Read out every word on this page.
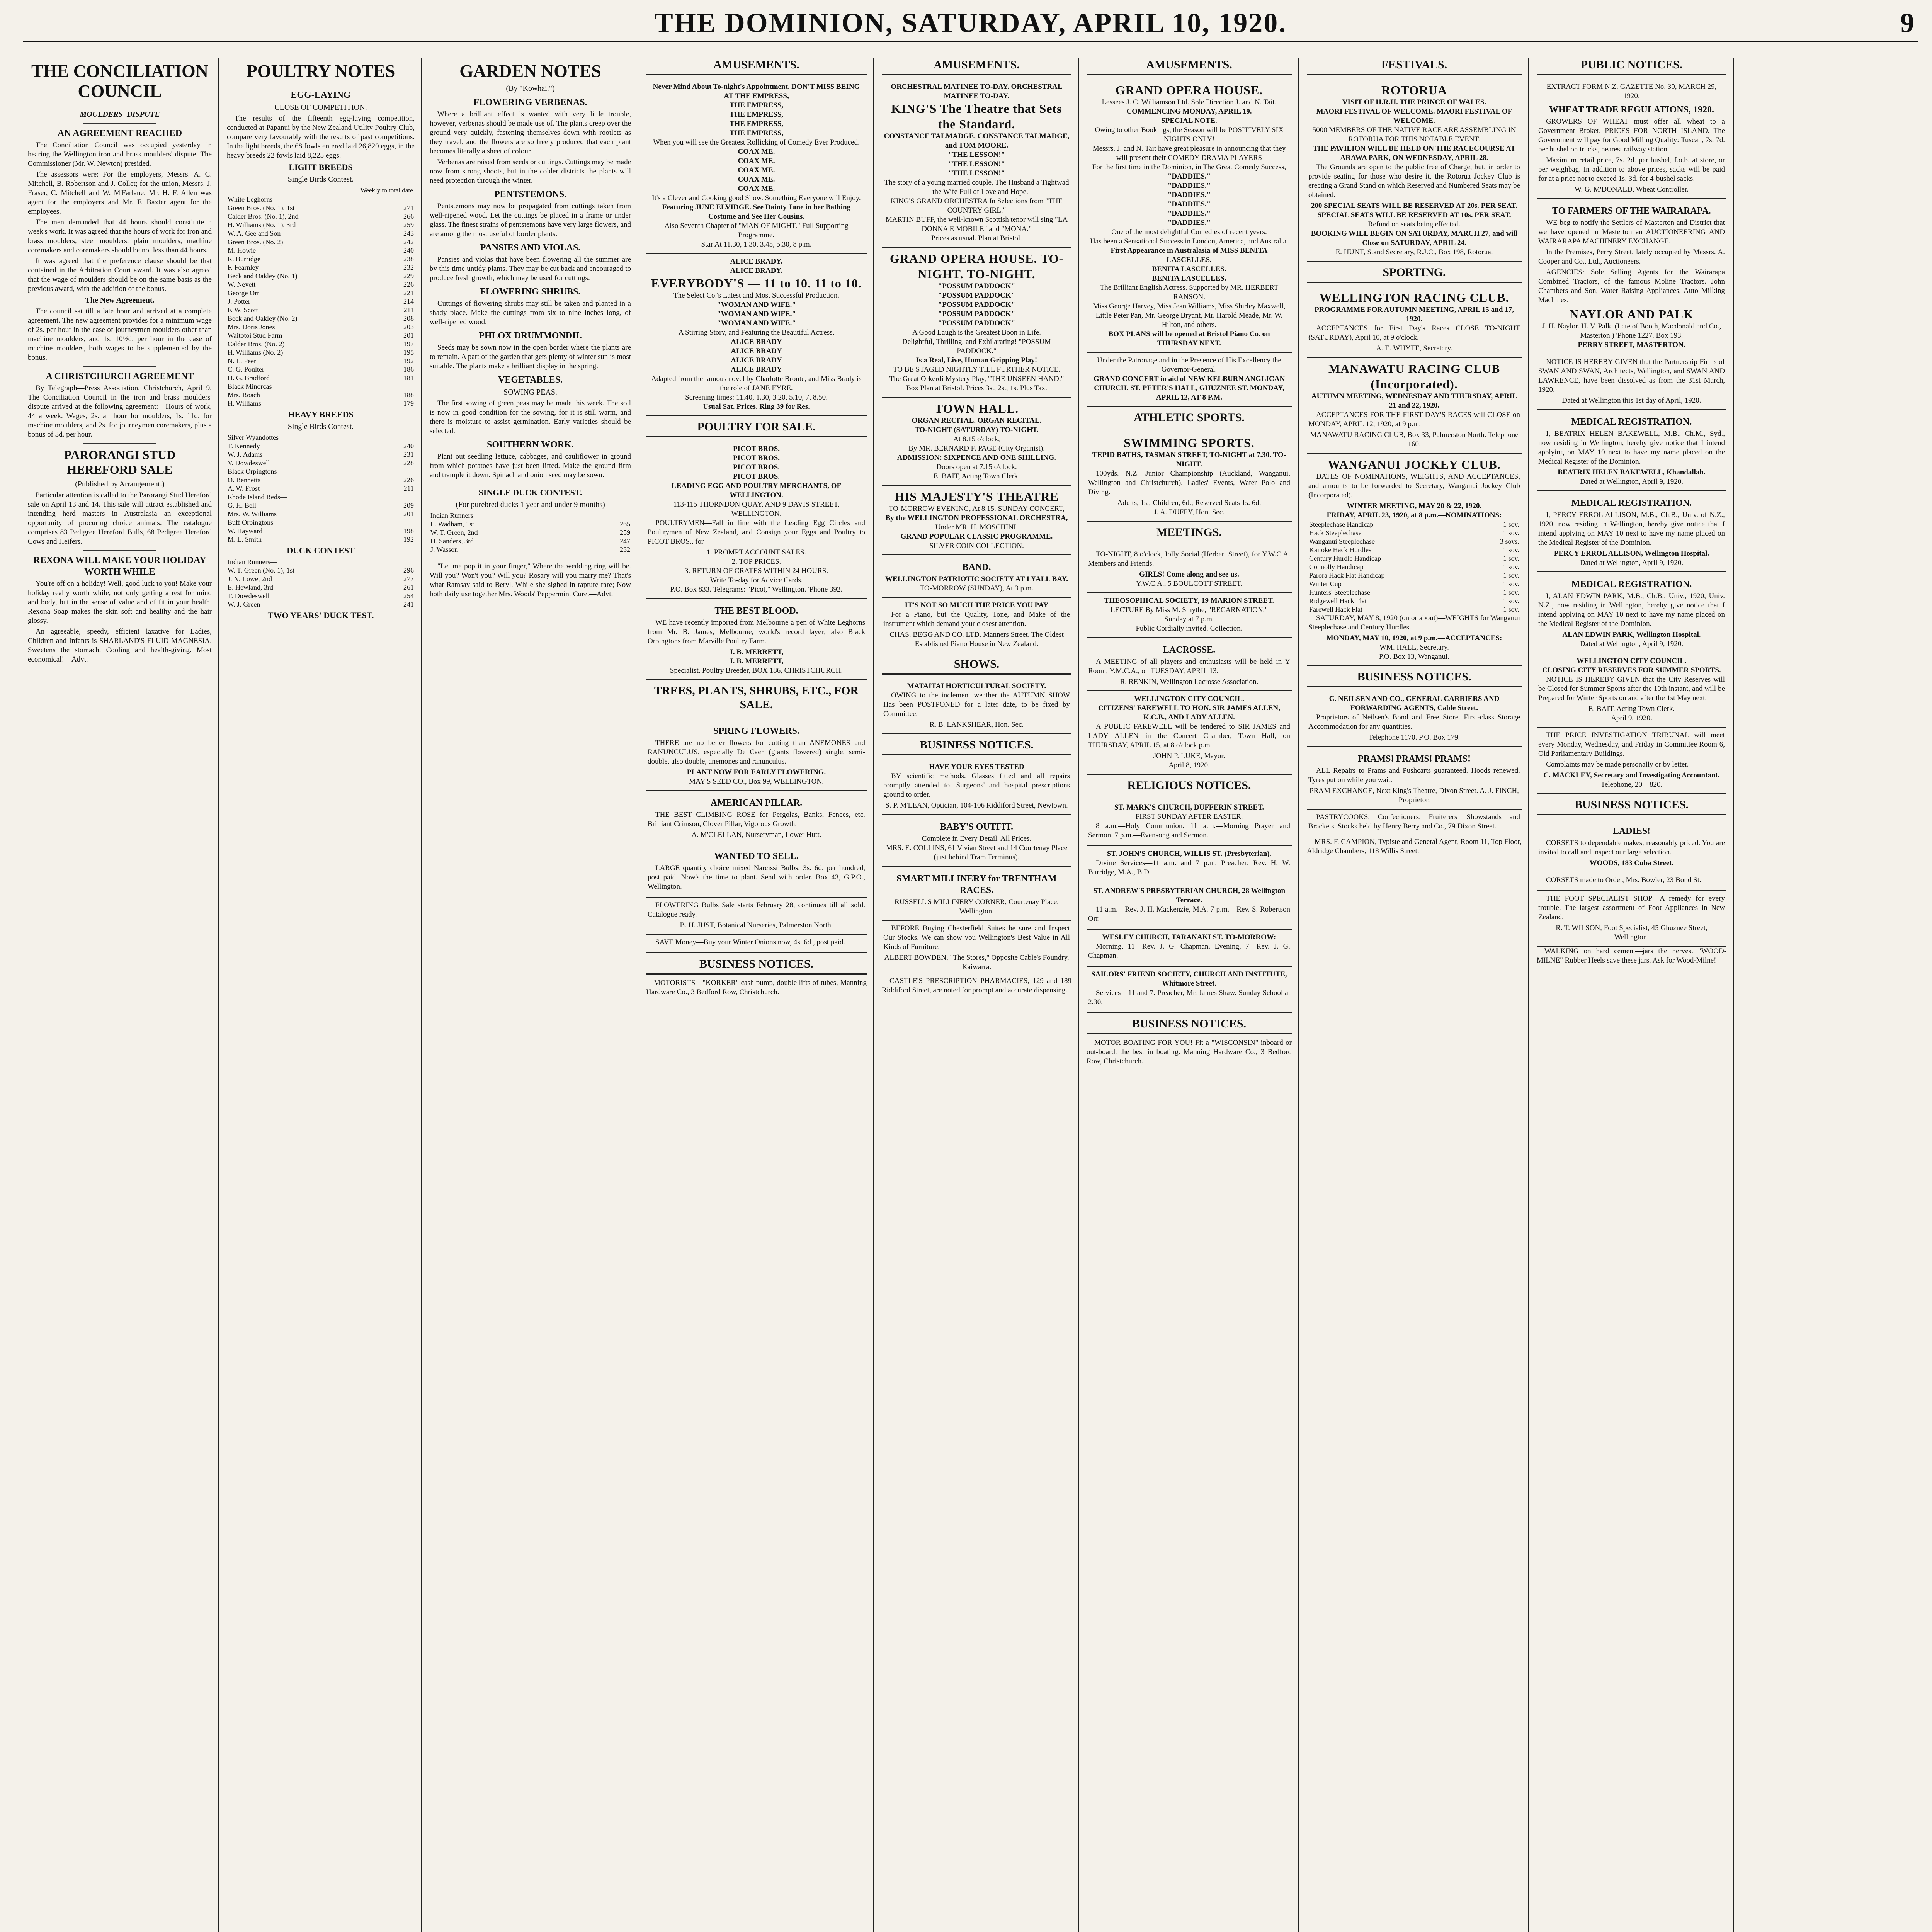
THE DOMINION, SATURDAY, APRIL 10, 1920.	9
THE CONCILIATION COUNCIL
MOULDERS' DISPUTE
AN AGREEMENT REACHED

The Conciliation Council was occupied yesterday in hearing the Wellington iron and brass moulders' dispute. The Commissioner (Mr. W. Newton) presided.

The assessors were: For the employers, Messrs. A. C. Mitchell, B. Robertson and J. Collet; for the union, Messrs. J. Fraser, C. Mitchell and W. M'Farlane. Mr. H. F. Allen was agent for the employers and Mr. F. Baxter agent for the employees.

The men demanded that 44 hours should constitute a week's work. It was agreed that the hours of work for iron and brass moulders, steel moulders, plain moulders, machine coremakers and coremakers should be not less than 44 hours.

It was agreed that the preference clause should be that contained in the Arbitration Court award. It was also agreed that the wage of moulders should be on the same basis as the previous award, with the addition of the bonus.

The New Agreement.

The council sat till a late hour and arrived at a complete agreement. The new agreement provides for a minimum wage of 2s. per hour in the case of journeymen moulders other than machine moulders, and 1s. 10½d. per hour in the case of machine moulders, both wages to be supplemented by the bonus.

A CHRISTCHURCH AGREEMENT

By Telegraph—Press Association. Christchurch, April 9. The Conciliation Council in the iron and brass moulders' dispute arrived at the following agreement:—Hours of work, 44 a week. Wages, 2s. an hour for moulders, 1s. 11d. for machine moulders, and 2s. for journeymen coremakers, plus a bonus of 3d. per hour.

PARORANGI STUD HEREFORD SALE
(Published by Arrangement.)

Particular attention is called to the Parorangi Stud Hereford sale on April 13 and 14. This sale will attract established and intending herd masters in Australasia an exceptional opportunity of procuring choice animals. The catalogue comprises 83 Pedigree Hereford Bulls, 68 Pedigree Hereford Cows and Heifers.

REXONA WILL MAKE YOUR HOLIDAY WORTH WHILE

You're off on a holiday! Well, good luck to you! Make your holiday really worth while, not only getting a rest for mind and body, but in the sense of value and of fit in your health. Rexona Soap makes the skin soft and healthy and the hair glossy.

An agreeable, speedy, efficient laxative for Ladies, Children and Infants is SHARLAND'S FLUID MAGNESIA. Sweetens the stomach. Cooling and health-giving. Most economical!—Advt.

POULTRY NOTES
EGG-LAYING
CLOSE OF COMPETITION.

The results of the fifteenth egg-laying competition, conducted at Papanui by the New Zealand Utility Poultry Club, compare very favourably with the results of past competitions. In the light breeds, the 68 fowls entered laid 26,820 eggs, in the heavy breeds 22 fowls laid 8,225 eggs.

LIGHT BREEDS
Single Birds Contest.
Weekly to total date.
White Leghorns—	
Green Bros. (No. 1), 1st	271
Calder Bros. (No. 1), 2nd	266
H. Williams (No. 1), 3rd	259
W. A. Gee and Son	243
Green Bros. (No. 2)	242
M. Howie	240
R. Burridge	238
F. Fearnley	232
Beck and Oakley (No. 1)	229
W. Nevett	226
George Orr	221
J. Potter	214
F. W. Scott	211
Beck and Oakley (No. 2)	208
Mrs. Doris Jones	203
Waitotoi Stud Farm	201
Calder Bros. (No. 2)	197
H. Williams (No. 2)	195
N. L. Peer	192
C. G. Poulter	186
H. G. Bradford	181
Black Minorcas—	
Mrs. Roach	188
H. Williams	179
HEAVY BREEDS
Single Birds Contest.
Silver Wyandottes—	
T. Kennedy	240
W. J. Adams	231
V. Dowdeswell	228
Black Orpingtons—	
O. Bennetts	226
A. W. Frost	211
Rhode Island Reds—	
G. H. Bell	209
Mrs. W. Williams	201
Buff Orpingtons—	
W. Hayward	198
M. L. Smith	192
DUCK CONTEST
Indian Runners—	
W. T. Green (No. 1), 1st	296
J. N. Lowe, 2nd	277
E. Hewland, 3rd	261
T. Dowdeswell	254
W. J. Green	241
TWO YEARS' DUCK TEST.
GARDEN NOTES
(By "Kowhai.")
FLOWERING VERBENAS.

Where a brilliant effect is wanted with very little trouble, however, verbenas should be made use of. The plants creep over the ground very quickly, fastening themselves down with rootlets as they travel, and the flowers are so freely produced that each plant becomes literally a sheet of colour.

Verbenas are raised from seeds or cuttings. Cuttings may be made now from strong shoots, but in the colder districts the plants will need protection through the winter.

PENTSTEMONS.

Pentstemons may now be propagated from cuttings taken from well-ripened wood. Let the cuttings be placed in a frame or under glass. The finest strains of pentstemons have very large flowers, and are among the most useful of border plants.

PANSIES AND VIOLAS.

Pansies and violas that have been flowering all the summer are by this time untidy plants. They may be cut back and encouraged to produce fresh growth, which may be used for cuttings.

FLOWERING SHRUBS.

Cuttings of flowering shrubs may still be taken and planted in a shady place. Make the cuttings from six to nine inches long, of well-ripened wood.

PHLOX DRUMMONDII.

Seeds may be sown now in the open border where the plants are to remain. A part of the garden that gets plenty of winter sun is most suitable. The plants make a brilliant display in the spring.

VEGETABLES.
SOWING PEAS.

The first sowing of green peas may be made this week. The soil is now in good condition for the sowing, for it is still warm, and there is moisture to assist germination. Early varieties should be selected.

SOUTHERN WORK.

Plant out seedling lettuce, cabbages, and cauliflower in ground from which potatoes have just been lifted. Make the ground firm and trample it down. Spinach and onion seed may be sown.

SINGLE DUCK CONTEST.
(For purebred ducks 1 year and under 9 months)
Indian Runners—	
L. Wadham, 1st	265
W. T. Green, 2nd	259
H. Sanders, 3rd	247
J. Wasson	232

"Let me pop it in your finger," Where the wedding ring will be. Will you? Won't you? Will you? Rosary will you marry me? That's what Ramsay said to Beryl, While she sighed in rapture rare; Now both daily use together Mrs. Woods' Peppermint Cure.—Advt.

AMUSEMENTS.
Never Mind About To-night's Appointment. DON'T MISS BEING AT THE EMPRESS,
THE EMPRESS,
THE EMPRESS,
THE EMPRESS,
THE EMPRESS,
When you will see the Greatest Rollicking of Comedy Ever Produced.
COAX ME.
COAX ME.
COAX ME.
COAX ME.
COAX ME.
It's a Clever and Cooking good Show. Something Everyone will Enjoy.
Featuring JUNE ELVIDGE. See Dainty June in her Bathing Costume and See Her Cousins.
Also Seventh Chapter of "MAN OF MIGHT." Full Supporting Programme.
Star At 11.30, 1.30, 3.45, 5.30, 8 p.m.
ALICE BRADY.
ALICE BRADY.
EVERYBODY'S — 11 to 10. 11 to 10.
The Select Co.'s Latest and Most Successful Production.
"WOMAN AND WIFE."
"WOMAN AND WIFE."
"WOMAN AND WIFE."
A Stirring Story, and Featuring the Beautiful Actress,
ALICE BRADY
ALICE BRADY
ALICE BRADY
ALICE BRADY
Adapted from the famous novel by Charlotte Bronte, and Miss Brady is the role of JANE EYRE.
Screening times: 11.40, 1.30, 3.20, 5.10, 7, 8.50.
Usual Sat. Prices. Ring 39 for Res.
POULTRY FOR SALE.
PICOT BROS.
PICOT BROS.
PICOT BROS.
PICOT BROS.
LEADING EGG AND POULTRY MERCHANTS, OF WELLINGTON.
113-115 THORNDON QUAY, AND 9 DAVIS STREET, WELLINGTON.

POULTRYMEN—Fall in line with the Leading Egg Circles and Poultrymen of New Zealand, and Consign your Eggs and Poultry to PICOT BROS., for

1. PROMPT ACCOUNT SALES.
2. TOP PRICES.
3. RETURN OF CRATES WITHIN 24 HOURS.
Write To-day for Advice Cards.
P.O. Box 833. Telegrams: "Picot," Wellington. 'Phone 392.
THE BEST BLOOD.

WE have recently imported from Melbourne a pen of White Leghorns from Mr. B. James, Melbourne, world's record layer; also Black Orpingtons from Marville Poultry Farm.

J. B. MERRETT,
J. B. MERRETT,
Specialist, Poultry Breeder, BOX 186, CHRISTCHURCH.
TREES, PLANTS, SHRUBS, ETC., FOR SALE.
SPRING FLOWERS.

THERE are no better flowers for cutting than ANEMONES and RANUNCULUS, especially De Caen (giants flowered) single, semi-double, also double, anemones and ranunculus.

PLANT NOW FOR EARLY FLOWERING.
MAY'S SEED CO., Box 99, WELLINGTON.
AMERICAN PILLAR.

THE BEST CLIMBING ROSE for Pergolas, Banks, Fences, etc. Brilliant Crimson, Clover Pillar, Vigorous Growth.

A. M'CLELLAN, Nurseryman, Lower Hutt.
WANTED TO SELL.

LARGE quantity choice mixed Narcissi Bulbs, 3s. 6d. per hundred, post paid. Now's the time to plant. Send with order. Box 43, G.P.O., Wellington.

FLOWERING Bulbs Sale starts February 28, continues till all sold. Catalogue ready.

B. H. JUST, Botanical Nurseries, Palmerston North.

SAVE Money—Buy your Winter Onions now, 4s. 6d., post paid.

BUSINESS NOTICES.

MOTORISTS—"KORKER" cash pump, double lifts of tubes, Manning Hardware Co., 3 Bedford Row, Christchurch.

AMUSEMENTS.
ORCHESTRAL MATINEE TO-DAY. ORCHESTRAL MATINEE TO-DAY.
KING'S The Theatre that Sets the Standard.
CONSTANCE TALMADGE, CONSTANCE TALMADGE, and TOM MOORE.
"THE LESSON!"
"THE LESSON!"
"THE LESSON!"
The story of a young married couple. The Husband a Tightwad—the Wife Full of Love and Hope.
KING'S GRAND ORCHESTRA In Selections from "THE COUNTRY GIRL."
MARTIN BUFF, the well-known Scottish tenor will sing "LA DONNA E MOBILE" and "MONA."
Prices as usual. Plan at Bristol.
GRAND OPERA HOUSE. TO-NIGHT. TO-NIGHT.
"POSSUM PADDOCK"
"POSSUM PADDOCK"
"POSSUM PADDOCK"
"POSSUM PADDOCK"
"POSSUM PADDOCK"
A Good Laugh is the Greatest Boon in Life.
Delightful, Thrilling, and Exhilarating! "POSSUM PADDOCK."
Is a Real, Live, Human Gripping Play!
TO BE STAGED NIGHTLY TILL FURTHER NOTICE.
The Great Orkerdi Mystery Play, "THE UNSEEN HAND."
Box Plan at Bristol. Prices 3s., 2s., 1s. Plus Tax.
TOWN HALL.
ORGAN RECITAL. ORGAN RECITAL.
TO-NIGHT (SATURDAY) TO-NIGHT.
At 8.15 o'clock,
By MR. BERNARD F. PAGE (City Organist).
ADMISSION: SIXPENCE AND ONE SHILLING.
Doors open at 7.15 o'clock.
E. BAIT, Acting Town Clerk.
HIS MAJESTY'S THEATRE
TO-MORROW EVENING, At 8.15. SUNDAY CONCERT,
By the WELLINGTON PROFESSIONAL ORCHESTRA,
Under MR. H. MOSCHINI.
GRAND POPULAR CLASSIC PROGRAMME.
SILVER COIN COLLECTION.
BAND.
WELLINGTON PATRIOTIC SOCIETY AT LYALL BAY.
TO-MORROW (SUNDAY), At 3 p.m.
IT'S NOT SO MUCH THE PRICE YOU PAY

For a Piano, but the Quality, Tone, and Make of the instrument which demand your closest attention.

CHAS. BEGG AND CO. LTD. Manners Street. The Oldest Established Piano House in New Zealand.
SHOWS.
MATAITAI HORTICULTURAL SOCIETY.

OWING to the inclement weather the AUTUMN SHOW Has been POSTPONED for a later date, to be fixed by Committee.

R. B. LANKSHEAR, Hon. Sec.
BUSINESS NOTICES.
HAVE YOUR EYES TESTED

BY scientific methods. Glasses fitted and all repairs promptly attended to. Surgeons' and hospital prescriptions ground to order.

S. P. M'LEAN, Optician, 104-106 Riddiford Street, Newtown.
BABY'S OUTFIT.
Complete in Every Detail. All Prices.
MRS. E. COLLINS, 61 Vivian Street and 14 Courtenay Place (just behind Tram Terminus).
SMART MILLINERY for TRENTHAM RACES.
RUSSELL'S MILLINERY CORNER, Courtenay Place, Wellington.

BEFORE Buying Chesterfield Suites be sure and Inspect Our Stocks. We can show you Wellington's Best Value in All Kinds of Furniture.

ALBERT BOWDEN, "The Stores," Opposite Cable's Foundry, Kaiwarra.

CASTLE'S PRESCRIPTION PHARMACIES, 129 and 189 Riddiford Street, are noted for prompt and accurate dispensing.

AMUSEMENTS.
GRAND OPERA HOUSE.
Lessees J. C. Williamson Ltd. Sole Direction J. and N. Tait.
COMMENCING MONDAY, APRIL 19.
SPECIAL NOTE.
Owing to other Bookings, the Season will be POSITIVELY SIX NIGHTS ONLY!
Messrs. J. and N. Tait have great pleasure in announcing that they will present their COMEDY-DRAMA PLAYERS
For the first time in the Dominion, in The Great Comedy Success,
"DADDIES."
"DADDIES."
"DADDIES."
"DADDIES."
"DADDIES."
"DADDIES."
One of the most delightful Comedies of recent years.
Has been a Sensational Success in London, America, and Australia.
First Appearance in Australasia of MISS BENITA LASCELLES.
BENITA LASCELLES.
BENITA LASCELLES.
The Brilliant English Actress. Supported by MR. HERBERT RANSON.
Miss George Harvey, Miss Jean Williams, Miss Shirley Maxwell, Little Peter Pan, Mr. George Bryant, Mr. Harold Meade, Mr. W. Hilton, and others.
BOX PLANS will be opened at Bristol Piano Co. on THURSDAY NEXT.
Under the Patronage and in the Presence of His Excellency the Governor-General.
GRAND CONCERT in aid of NEW KELBURN ANGLICAN CHURCH. ST. PETER'S HALL, GHUZNEE ST. MONDAY, APRIL 12, AT 8 P.M.
ATHLETIC SPORTS.
SWIMMING SPORTS.
TEPID BATHS, TASMAN STREET, TO-NIGHT at 7.30. TO-NIGHT.

100yds. N.Z. Junior Championship (Auckland, Wanganui, Wellington and Christchurch). Ladies' Events, Water Polo and Diving.

Adults, 1s.; Children, 6d.; Reserved Seats 1s. 6d.
J. A. DUFFY, Hon. Sec.
MEETINGS.

TO-NIGHT, 8 o'clock, Jolly Social (Herbert Street), for Y.W.C.A. Members and Friends.

GIRLS! Come along and see us.
Y.W.C.A., 5 BOULCOTT STREET.
THEOSOPHICAL SOCIETY, 19 MARION STREET.
LECTURE By Miss M. Smythe, "RECARNATION."
Sunday at 7 p.m.
Public Cordially invited. Collection.
LACROSSE.

A MEETING of all players and enthusiasts will be held in Y Room, Y.M.C.A., on TUESDAY, APRIL 13.

R. RENKIN, Wellington Lacrosse Association.
WELLINGTON CITY COUNCIL.
CITIZENS' FAREWELL TO HON. SIR JAMES ALLEN, K.C.B., AND LADY ALLEN.

A PUBLIC FAREWELL will be tendered to SIR JAMES and LADY ALLEN in the Concert Chamber, Town Hall, on THURSDAY, APRIL 15, at 8 o'clock p.m.

JOHN P. LUKE, Mayor.
April 8, 1920.
RELIGIOUS NOTICES.
ST. MARK'S CHURCH, DUFFERIN STREET.
FIRST SUNDAY AFTER EASTER.

8 a.m.—Holy Communion. 11 a.m.—Morning Prayer and Sermon. 7 p.m.—Evensong and Sermon.

ST. JOHN'S CHURCH, WILLIS ST. (Presbyterian).

Divine Services—11 a.m. and 7 p.m. Preacher: Rev. H. W. Burridge, M.A., B.D.

ST. ANDREW'S PRESBYTERIAN CHURCH, 28 Wellington Terrace.

11 a.m.—Rev. J. H. Mackenzie, M.A. 7 p.m.—Rev. S. Robertson Orr.

WESLEY CHURCH, TARANAKI ST. TO-MORROW:

Morning, 11—Rev. J. G. Chapman. Evening, 7—Rev. J. G. Chapman.

SAILORS' FRIEND SOCIETY, CHURCH AND INSTITUTE, Whitmore Street.

Services—11 and 7. Preacher, Mr. James Shaw. Sunday School at 2.30.

BUSINESS NOTICES.

MOTOR BOATING FOR YOU! Fit a "WISCONSIN" inboard or out-board, the best in boating. Manning Hardware Co., 3 Bedford Row, Christchurch.

FESTIVALS.
ROTORUA
VISIT OF H.R.H. THE PRINCE OF WALES.
MAORI FESTIVAL OF WELCOME. MAORI FESTIVAL OF WELCOME.
5000 MEMBERS OF THE NATIVE RACE ARE ASSEMBLING IN ROTORUA FOR THIS NOTABLE EVENT.
THE PAVILION WILL BE HELD ON THE RACECOURSE AT ARAWA PARK, ON WEDNESDAY, APRIL 28.

The Grounds are open to the public free of Charge, but, in order to provide seating for those who desire it, the Rotorua Jockey Club is erecting a Grand Stand on which Reserved and Numbered Seats may be obtained.

200 SPECIAL SEATS WILL BE RESERVED AT 20s. PER SEAT.
SPECIAL SEATS WILL BE RESERVED AT 10s. PER SEAT.
Refund on seats being effected.
BOOKING WILL BEGIN ON SATURDAY, MARCH 27, and will Close on SATURDAY, APRIL 24.
E. HUNT, Stand Secretary, R.J.C., Box 198, Rotorua.
SPORTING.
WELLINGTON RACING CLUB.
PROGRAMME FOR AUTUMN MEETING, APRIL 15 and 17, 1920.

ACCEPTANCES for First Day's Races CLOSE TO-NIGHT (SATURDAY), April 10, at 9 o'clock.

A. E. WHYTE, Secretary.
MANAWATU RACING CLUB (Incorporated).
AUTUMN MEETING, WEDNESDAY AND THURSDAY, APRIL 21 and 22, 1920.

ACCEPTANCES FOR THE FIRST DAY'S RACES will CLOSE on MONDAY, APRIL 12, 1920, at 9 p.m.

MANAWATU RACING CLUB, Box 33, Palmerston North. Telephone 160.
WANGANUI JOCKEY CLUB.

DATES OF NOMINATIONS, WEIGHTS, AND ACCEPTANCES, and amounts to be forwarded to Secretary, Wanganui Jockey Club (Incorporated).

WINTER MEETING, MAY 20 & 22, 1920.
FRIDAY, APRIL 23, 1920, at 8 p.m.—NOMINATIONS:
Steeplechase Handicap	1 sov.
Hack Steeplechase	1 sov.
Wanganui Steeplechase	3 sovs.
Kaitoke Hack Hurdles	1 sov.
Century Hurdle Handicap	1 sov.
Connolly Handicap	1 sov.
Parora Hack Flat Handicap	1 sov.
Winter Cup	1 sov.
Hunters' Steeplechase	1 sov.
Ridgewell Hack Flat	1 sov.
Farewell Hack Flat	1 sov.

SATURDAY, MAY 8, 1920 (on or about)—WEIGHTS for Wanganui Steeplechase and Century Hurdles.

MONDAY, MAY 10, 1920, at 9 p.m.—ACCEPTANCES:
WM. HALL, Secretary.
P.O. Box 13, Wanganui.
BUSINESS NOTICES.
C. NEILSEN AND CO., GENERAL CARRIERS AND FORWARDING AGENTS, Cable Street.

Proprietors of Neilsen's Bond and Free Store. First-class Storage Accommodation for any quantities.

Telephone 1170. P.O. Box 179.
PRAMS! PRAMS! PRAMS!

ALL Repairs to Prams and Pushcarts guaranteed. Hoods renewed. Tyres put on while you wait.

PRAM EXCHANGE, Next King's Theatre, Dixon Street. A. J. FINCH, Proprietor.

PASTRYCOOKS, Confectioners, Fruiterers' Showstands and Brackets. Stocks held by Henry Berry and Co., 79 Dixon Street.

MRS. F. CAMPION, Typiste and General Agent, Room 11, Top Floor, Aldridge Chambers, 118 Willis Street.

PUBLIC NOTICES.
EXTRACT FORM N.Z. GAZETTE No. 30, MARCH 29, 1920:
WHEAT TRADE REGULATIONS, 1920.

GROWERS OF WHEAT must offer all wheat to a Government Broker. PRICES FOR NORTH ISLAND. The Government will pay for Good Milling Quality: Tuscan, 7s. 7d. per bushel on trucks, nearest railway station.

Maximum retail price, 7s. 2d. per bushel, f.o.b. at store, or per weighbag. In addition to above prices, sacks will be paid for at a price not to exceed 1s. 3d. for 4-bushel sacks.

W. G. M'DONALD, Wheat Controller.
TO FARMERS OF THE WAIRARAPA.

WE beg to notify the Settlers of Masterton and District that we have opened in Masterton an AUCTIONEERING AND WAIRARAPA MACHINERY EXCHANGE.

In the Premises, Perry Street, lately occupied by Messrs. A. Cooper and Co., Ltd., Auctioneers.

AGENCIES: Sole Selling Agents for the Wairarapa Combined Tractors, of the famous Moline Tractors. John Chambers and Son, Water Raising Appliances, Auto Milking Machines.

NAYLOR AND PALK
J. H. Naylor. H. V. Palk. (Late of Booth, Macdonald and Co., Masterton.) 'Phone 1227. Box 193.
PERRY STREET, MASTERTON.

NOTICE IS HEREBY GIVEN that the Partnership Firms of SWAN AND SWAN, Architects, Wellington, and SWAN AND LAWRENCE, have been dissolved as from the 31st March, 1920.

Dated at Wellington this 1st day of April, 1920.
MEDICAL REGISTRATION.

I, BEATRIX HELEN BAKEWELL, M.B., Ch.M., Syd., now residing in Wellington, hereby give notice that I intend applying on MAY 10 next to have my name placed on the Medical Register of the Dominion.

BEATRIX HELEN BAKEWELL, Khandallah.
Dated at Wellington, April 9, 1920.
MEDICAL REGISTRATION.

I, PERCY ERROL ALLISON, M.B., Ch.B., Univ. of N.Z., 1920, now residing in Wellington, hereby give notice that I intend applying on MAY 10 next to have my name placed on the Medical Register of the Dominion.

PERCY ERROL ALLISON, Wellington Hospital.
Dated at Wellington, April 9, 1920.
MEDICAL REGISTRATION.

I, ALAN EDWIN PARK, M.B., Ch.B., Univ., 1920, Univ. N.Z., now residing in Wellington, hereby give notice that I intend applying on MAY 10 next to have my name placed on the Medical Register of the Dominion.

ALAN EDWIN PARK, Wellington Hospital.
Dated at Wellington, April 9, 1920.
WELLINGTON CITY COUNCIL.
CLOSING CITY RESERVES FOR SUMMER SPORTS.

NOTICE IS HEREBY GIVEN that the City Reserves will be Closed for Summer Sports after the 10th instant, and will be Prepared for Winter Sports on and after the 1st May next.

E. BAIT, Acting Town Clerk.
April 9, 1920.

THE PRICE INVESTIGATION TRIBUNAL will meet every Monday, Wednesday, and Friday in Committee Room 6, Old Parliamentary Buildings.

Complaints may be made personally or by letter.

C. MACKLEY, Secretary and Investigating Accountant.
Telephone, 20—820.
BUSINESS NOTICES.
LADIES!

CORSETS to dependable makes, reasonably priced. You are invited to call and inspect our large selection.

WOODS, 183 Cuba Street.

CORSETS made to Order, Mrs. Bowler, 23 Bond St.

THE FOOT SPECIALIST SHOP—A remedy for every trouble. The largest assortment of Foot Appliances in New Zealand.

R. T. WILSON, Foot Specialist, 45 Ghuznee Street, Wellington.

WALKING on hard cement—jars the nerves. "WOOD-MILNE" Rubber Heels save these jars. Ask for Wood-Milne!
